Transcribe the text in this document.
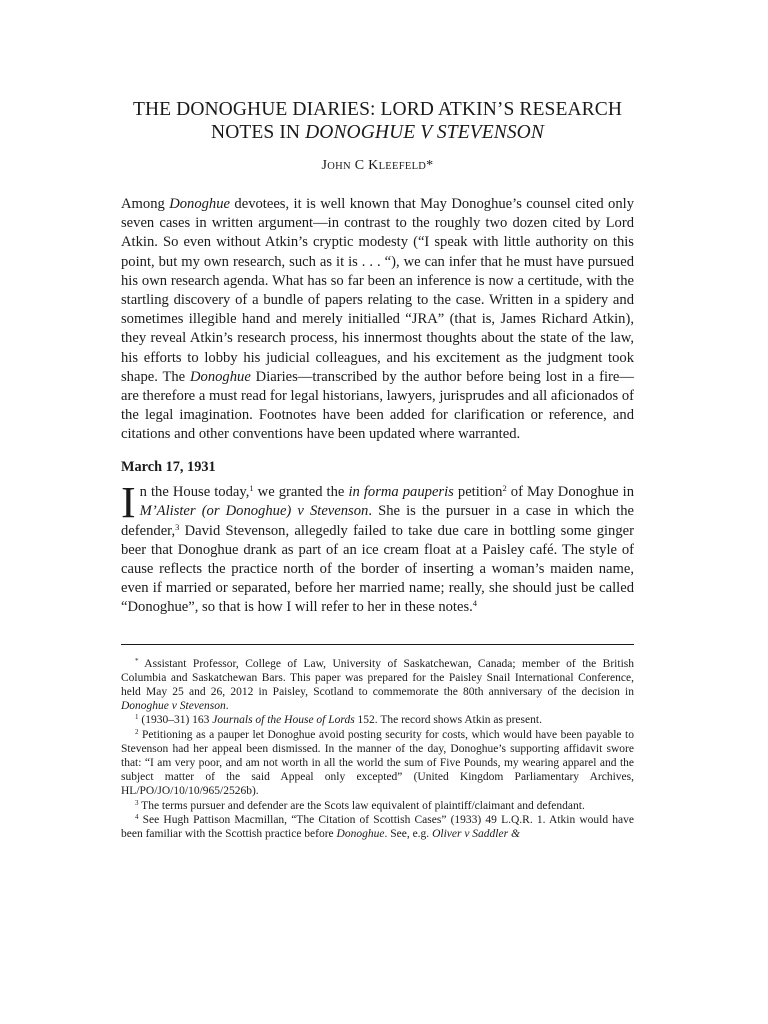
THE DONOGHUE DIARIES: LORD ATKIN’S RESEARCH
NOTES IN DONOGHUE V STEVENSON
JOHN C KLEEFELD*

Among Donoghue devotees, it is well known that May Donoghue’s counsel cited only seven cases in written argument—in contrast to the roughly two dozen cited by Lord Atkin. So even without Atkin’s cryptic modesty (“I speak with little authority on this point, but my own research, such as it is . . . “), we can infer that he must have pursued his own research agenda. What has so far been an inference is now a certitude, with the startling discovery of a bundle of papers relating to the case. Written in a spidery and sometimes illegible hand and merely initialled “JRA” (that is, James Richard Atkin), they reveal Atkin’s research process, his innermost thoughts about the state of the law, his efforts to lobby his judicial colleagues, and his excitement as the judgment took shape. The Donoghue Diaries—transcribed by the author before being lost in a fire—are therefore a must read for legal historians, lawyers, jurisprudes and all aficionados of the legal imagination. Footnotes have been added for clarification or reference, and citations and other conventions have been updated where warranted.

March 17, 1931

In the House today,$^1$ we granted the in forma pauperis petition$^2$ of May Donoghue in M’Alister (or Donoghue) v Stevenson. She is the pursuer in a case in which the defender,$^3$ David Stevenson, allegedly failed to take due care in bottling some ginger beer that Donoghue drank as part of an ice cream float at a Paisley café. The style of cause reflects the practice north of the border of inserting a woman’s maiden name, even if married or separated, before her married name; really, she should just be called “Donoghue”, so that is how I will refer to her in these notes.$^4$

* Assistant Professor, College of Law, University of Saskatchewan, Canada; member of the British Columbia and Saskatchewan Bars. This paper was prepared for the Paisley Snail International Conference, held May 25 and 26, 2012 in Paisley, Scotland to commemorate the 80th anniversary of the decision in Donoghue v Stevenson.

$^1$ (1930–31) 163 Journals of the House of Lords 152. The record shows Atkin as present.

$^2$ Petitioning as a pauper let Donoghue avoid posting security for costs, which would have been payable to Stevenson had her appeal been dismissed. In the manner of the day, Donoghue’s supporting affidavit swore that: “I am very poor, and am not worth in all the world the sum of Five Pounds, my wearing apparel and the subject matter of the said Appeal only excepted” (United Kingdom Parliamentary Archives, HL/PO/JO/10/10/965/2526b).

$^3$ The terms pursuer and defender are the Scots law equivalent of plaintiff/claimant and defendant.

$^4$ See Hugh Pattison Macmillan, “The Citation of Scottish Cases” (1933) 49 L.Q.R. 1. Atkin would have been familiar with the Scottish practice before Donoghue. See, e.g. Oliver v Saddler &
